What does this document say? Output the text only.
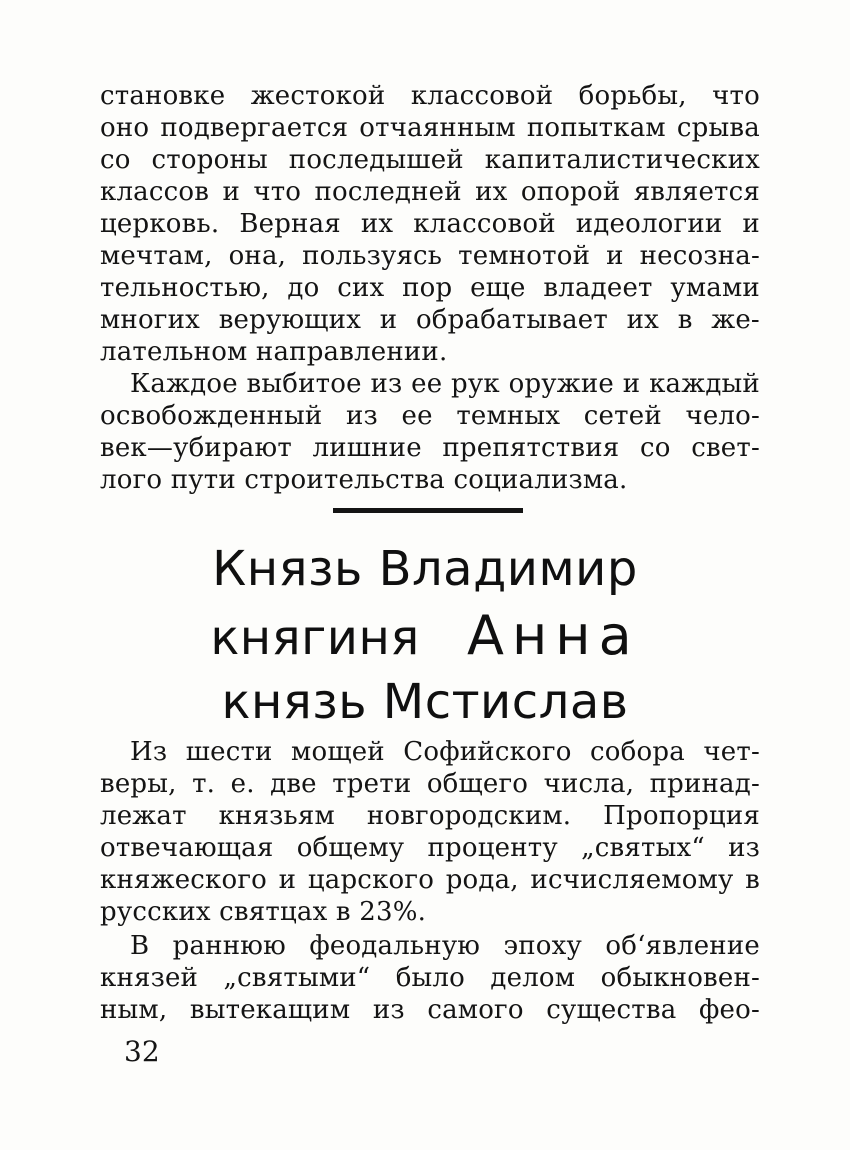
становке жестокой классовой борьбы, что
оно подвергается отчаянным попыткам срыва
со стороны последышей капиталистических
классов и что последней их опорой является
церковь. Верная их классовой идеологии и
мечтам, она, пользуясь темнотой и несозна-
тельностью, до сих пор еще владеет умами
многих верующих и обрабатывает их в же-
лательном направлении.
Каждое выбитое из ее рук оружие и каждый
освобожденный из ее темных сетей чело-
век—убирают лишние препятствия со свет-
лого пути строительства социализма.
Князь Владимир
княгиня Анна
князь Мстислав
Из шести мощей Софийского собора чет-
веры, т. е. две трети общего числа, принад-
лежат князьям новгородским. Пропорция
отвечающая общему проценту „святых“ из
княжеского и царского рода, исчисляемому в
русских святцах в 23%.
В раннюю феодальную эпоху об‘явление
князей „святыми“ было делом обыкновен-
ным, вытекащим из самого существа фео-
32
